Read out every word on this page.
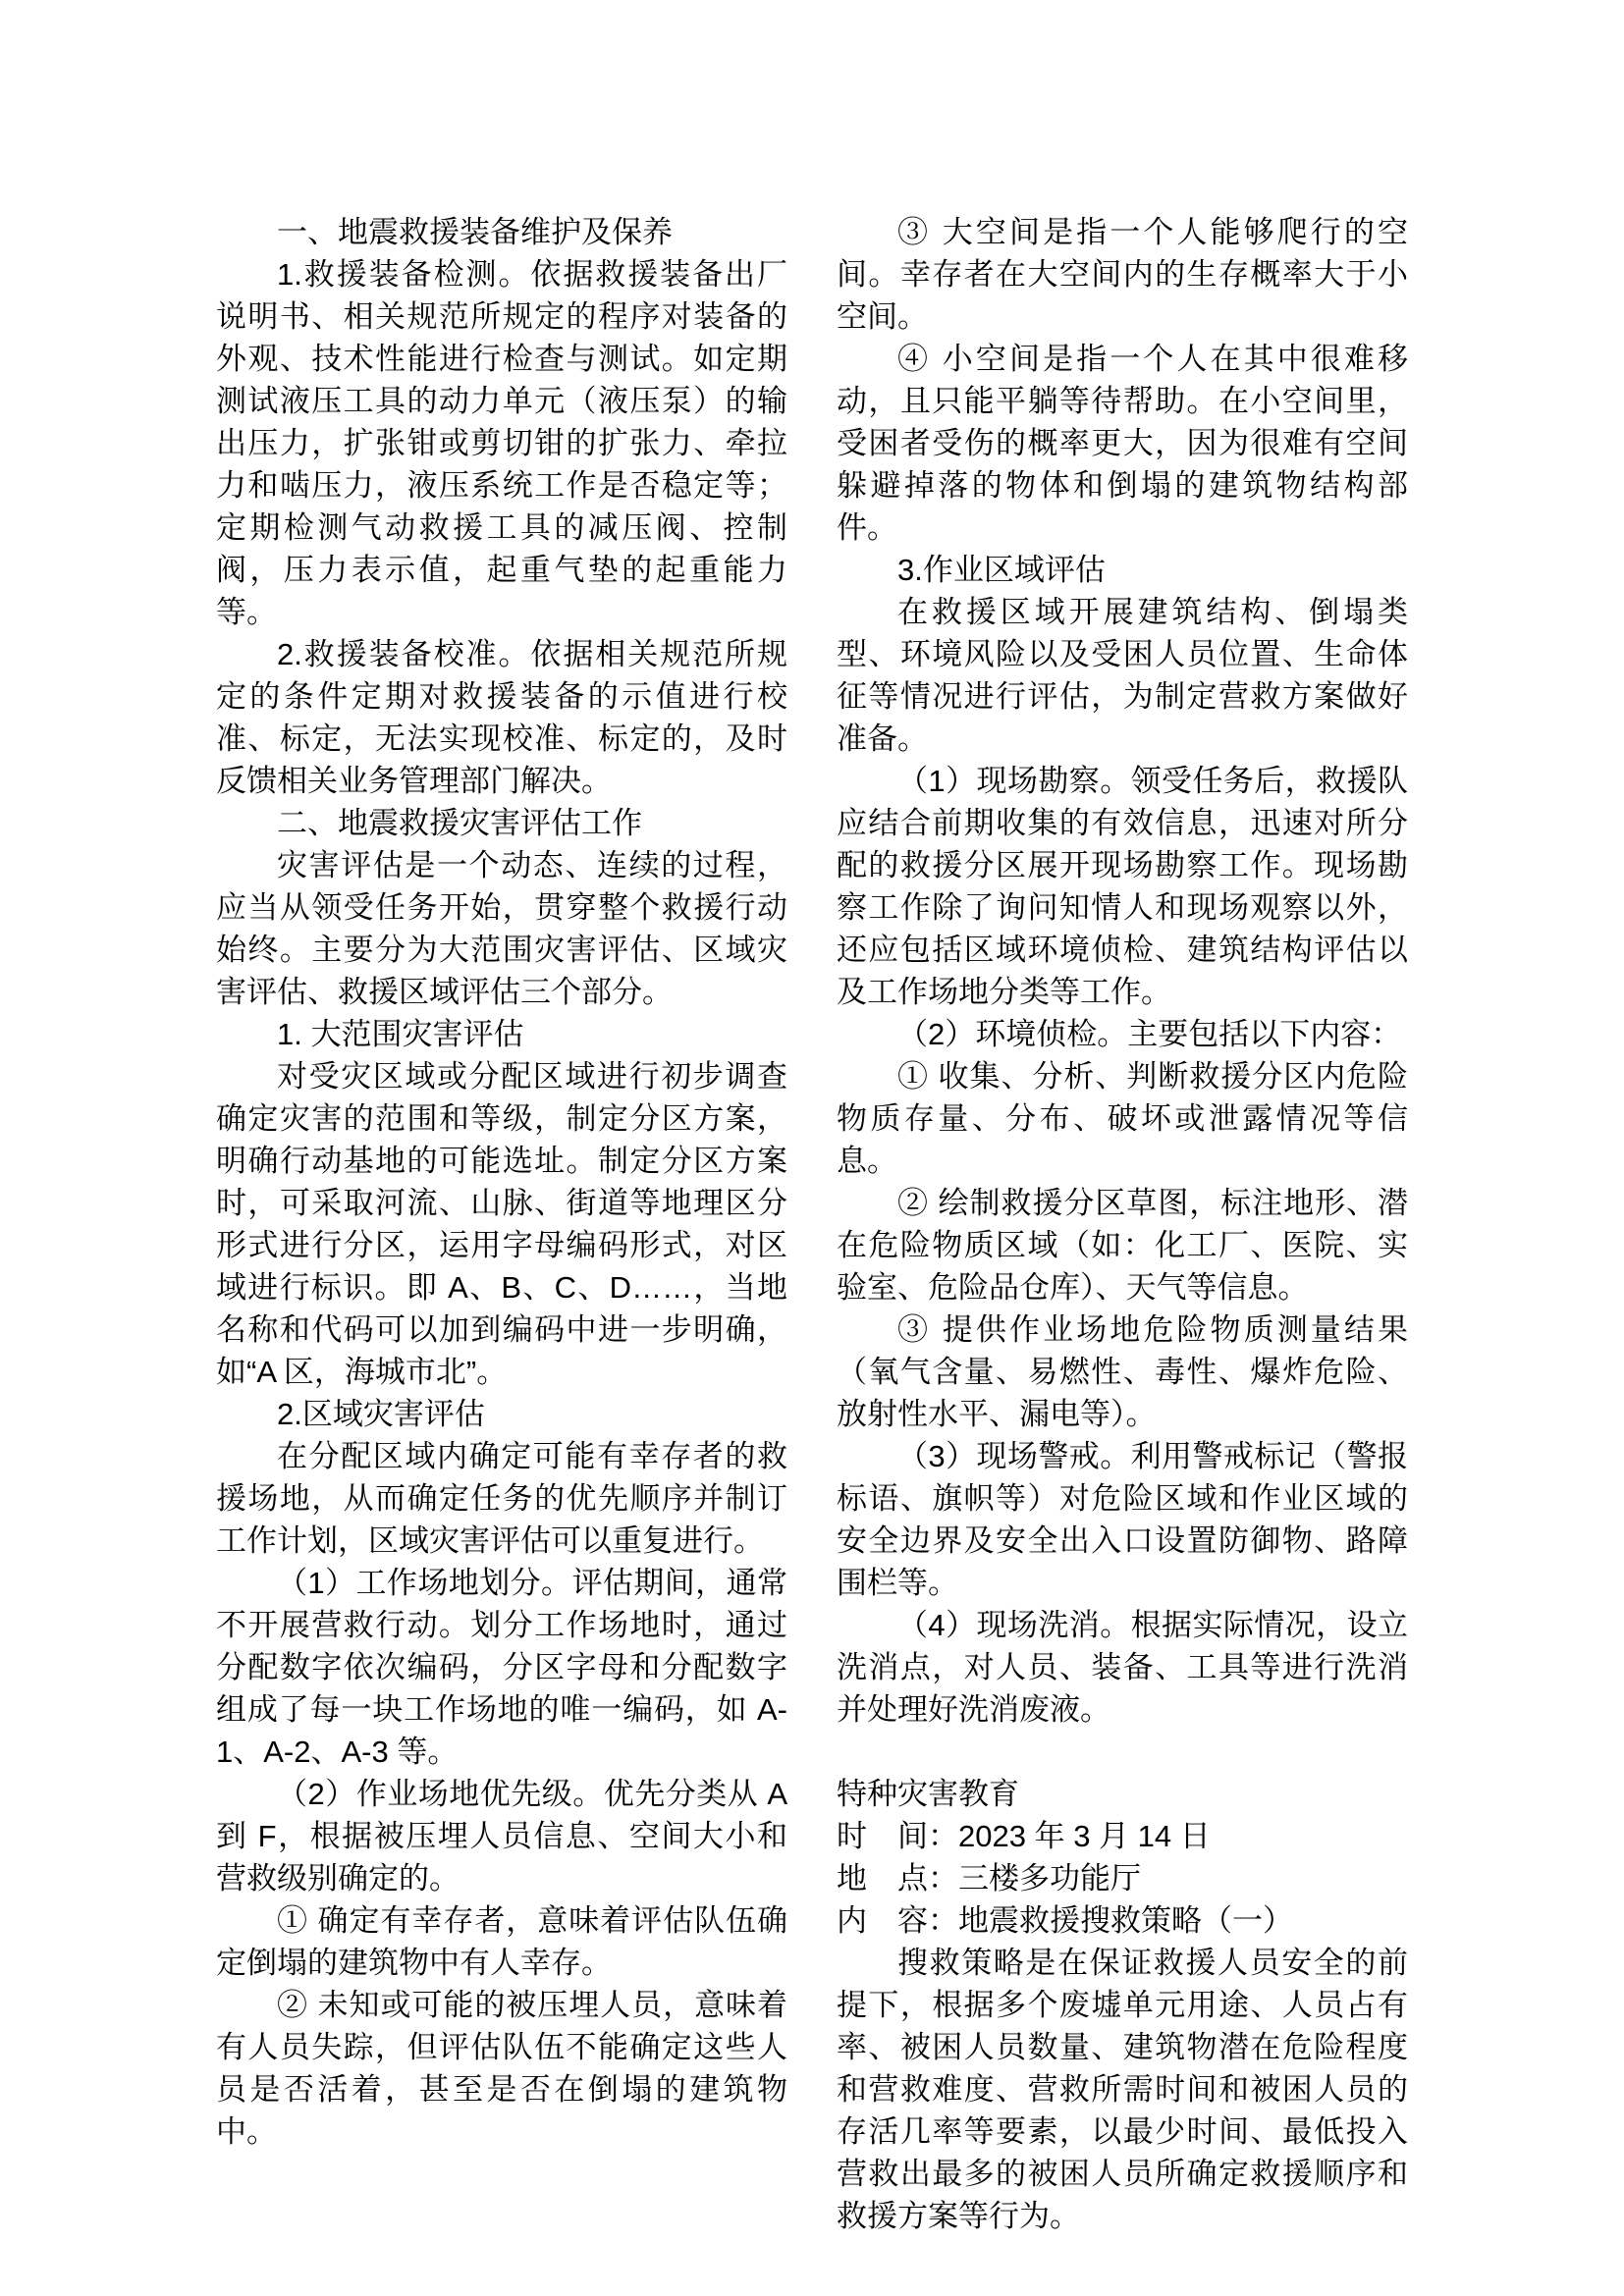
一、地震救援装备维护及保养

1.救援装备检测。依据救援装备出厂说明书、相关规范所规定的程序对装备的外观、技术性能进行检查与测试。如定期测试液压工具的动力单元（液压泵）的输出压力，扩张钳或剪切钳的扩张力、牵拉力和啮压力，液压系统工作是否稳定等；定期检测气动救援工具的减压阀、控制阀，压力表示值，起重气垫的起重能力等。

2.救援装备校准。依据相关规范所规定的条件定期对救援装备的示值进行校准、标定，无法实现校准、标定的，及时反馈相关业务管理部门解决。

二、地震救援灾害评估工作

灾害评估是一个动态、连续的过程，应当从领受任务开始，贯穿整个救援行动始终。主要分为大范围灾害评估、区域灾害评估、救援区域评估三个部分。

1. 大范围灾害评估

对受灾区域或分配区域进行初步调查确定灾害的范围和等级，制定分区方案，明确行动基地的可能选址。制定分区方案时，可采取河流、山脉、街道等地理区分形式进行分区，运用字母编码形式，对区域进行标识。即 A、B、C、D……，当地名称和代码可以加到编码中进一步明确，如“A 区，海城市北”。

2.区域灾害评估

在分配区域内确定可能有幸存者的救援场地，从而确定任务的优先顺序并制订工作计划，区域灾害评估可以重复进行。

（1）工作场地划分。评估期间，通常不开展营救行动。划分工作场地时，通过分配数字依次编码，分区字母和分配数字组成了每一块工作场地的唯一编码，如 A-1、A-2、A-3 等。

（2）作业场地优先级。优先分类从 A 到 F，根据被压埋人员信息、空间大小和营救级别确定的。

① 确定有幸存者，意味着评估队伍确定倒塌的建筑物中有人幸存。

② 未知或可能的被压埋人员，意味着有人员失踪，但评估队伍不能确定这些人员是否活着，甚至是否在倒塌的建筑物中。

③ 大空间是指一个人能够爬行的空间。幸存者在大空间内的生存概率大于小空间。

④ 小空间是指一个人在其中很难移动，且只能平躺等待帮助。在小空间里，受困者受伤的概率更大，因为很难有空间躲避掉落的物体和倒塌的建筑物结构部件。

3.作业区域评估

在救援区域开展建筑结构、倒塌类型、环境风险以及受困人员位置、生命体征等情况进行评估，为制定营救方案做好准备。

（1）现场勘察。领受任务后，救援队应结合前期收集的有效信息，迅速对所分配的救援分区展开现场勘察工作。现场勘察工作除了询问知情人和现场观察以外，还应包括区域环境侦检、建筑结构评估以及工作场地分类等工作。

（2）环境侦检。主要包括以下内容：

① 收集、分析、判断救援分区内危险物质存量、分布、破坏或泄露情况等信息。

② 绘制救援分区草图，标注地形、潜在危险物质区域（如：化工厂、医院、实验室、危险品仓库）、天气等信息。

③ 提供作业场地危险物质测量结果（氧气含量、易燃性、毒性、爆炸危险、放射性水平、漏电等）。

（3）现场警戒。利用警戒标记（警报标语、旗帜等）对危险区域和作业区域的安全边界及安全出入口设置防御物、路障围栏等。

（4）现场洗消。根据实际情况，设立洗消点，对人员、装备、工具等进行洗消并处理好洗消废液。

特种灾害教育

时　间：2023 年 3 月 14 日

地　点：三楼多功能厅

内　容：地震救援搜救策略（一）

搜救策略是在保证救援人员安全的前提下，根据多个废墟单元用途、人员占有率、被困人员数量、建筑物潜在危险程度和营救难度、营救所需时间和被困人员的存活几率等要素，以最少时间、最低投入营救出最多的被困人员所确定救援顺序和救援方案等行为。
